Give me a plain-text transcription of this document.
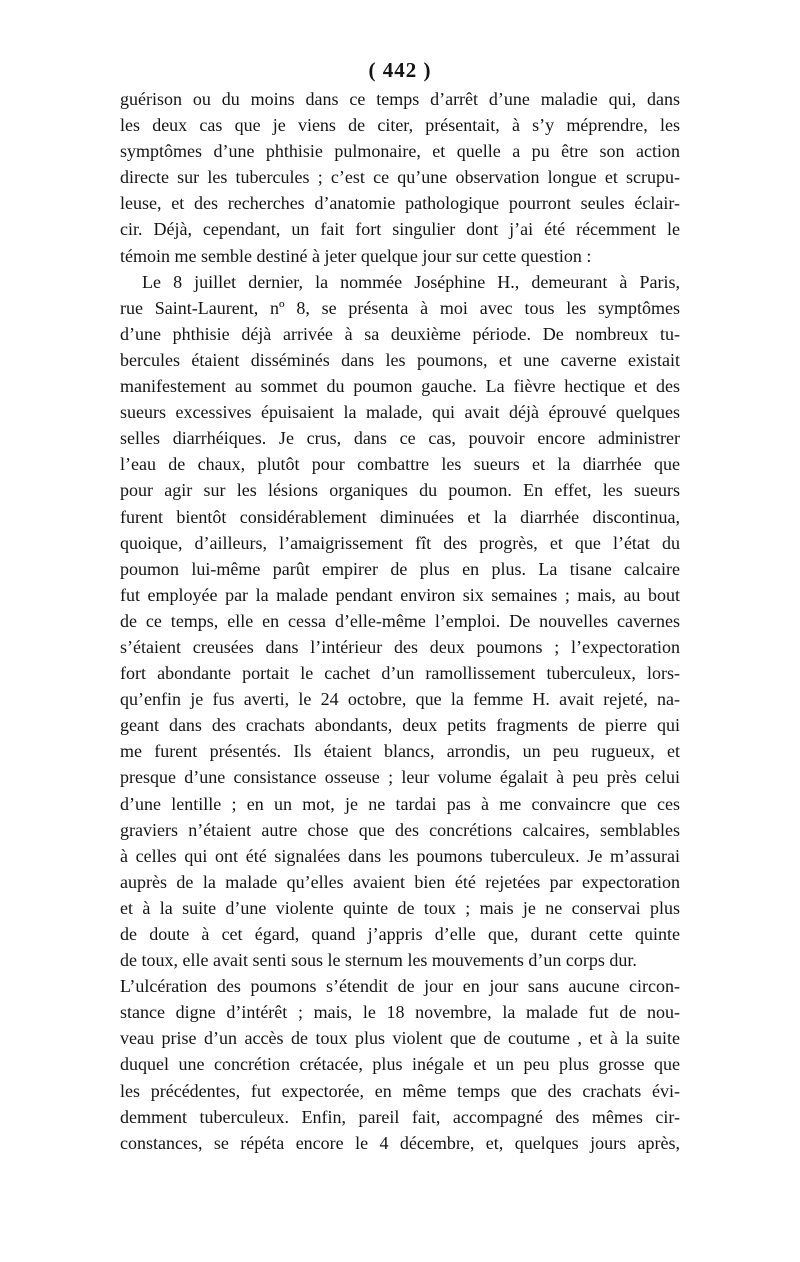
( 442 )
guérison ou du moins dans ce temps d’arrêt d’une maladie qui, dans
les deux cas que je viens de citer, présentait, à s’y méprendre, les
symptômes d’une phthisie pulmonaire, et quelle a pu être son action
directe sur les tubercules ; c’est ce qu’une observation longue et scrupu-
leuse, et des recherches d’anatomie pathologique pourront seules éclair-
cir. Déjà, cependant, un fait fort singulier dont j’ai été récemment le
témoin me semble destiné à jeter quelque jour sur cette question :
Le 8 juillet dernier, la nommée Joséphine H., demeurant à Paris,
rue Saint-Laurent, nº 8, se présenta à moi avec tous les symptômes
d’une phthisie déjà arrivée à sa deuxième période. De nombreux tu-
bercules étaient disséminés dans les poumons, et une caverne existait
manifestement au sommet du poumon gauche. La fièvre hectique et des
sueurs excessives épuisaient la malade, qui avait déjà éprouvé quelques
selles diarrhéiques. Je crus, dans ce cas, pouvoir encore administrer
l’eau de chaux, plutôt pour combattre les sueurs et la diarrhée que
pour agir sur les lésions organiques du poumon. En effet, les sueurs
furent bientôt considérablement diminuées et la diarrhée discontinua,
quoique, d’ailleurs, l’amaigrissement fît des progrès, et que l’état du
poumon lui-même parût empirer de plus en plus. La tisane calcaire
fut employée par la malade pendant environ six semaines ; mais, au bout
de ce temps, elle en cessa d’elle-même l’emploi. De nouvelles cavernes
s’étaient creusées dans l’intérieur des deux poumons ; l’expectoration
fort abondante portait le cachet d’un ramollissement tuberculeux, lors-
qu’enfin je fus averti, le 24 octobre, que la femme H. avait rejeté, na-
geant dans des crachats abondants, deux petits fragments de pierre qui
me furent présentés. Ils étaient blancs, arrondis, un peu rugueux, et
presque d’une consistance osseuse ; leur volume égalait à peu près celui
d’une lentille ; en un mot, je ne tardai pas à me convaincre que ces
graviers n’étaient autre chose que des concrétions calcaires, semblables
à celles qui ont été signalées dans les poumons tuberculeux. Je m’assurai
auprès de la malade qu’elles avaient bien été rejetées par expectoration
et à la suite d’une violente quinte de toux ; mais je ne conservai plus
de doute à cet égard, quand j’appris d’elle que, durant cette quinte
de toux, elle avait senti sous le sternum les mouvements d’un corps dur.
L’ulcération des poumons s’étendit de jour en jour sans aucune circon-
stance digne d’intérêt ; mais, le 18 novembre, la malade fut de nou-
veau prise d’un accès de toux plus violent que de coutume , et à la suite
duquel une concrétion crétacée, plus inégale et un peu plus grosse que
les précédentes, fut expectorée, en même temps que des crachats évi-
demment tuberculeux. Enfin, pareil fait, accompagné des mêmes cir-
constances, se répéta encore le 4 décembre, et, quelques jours après,
